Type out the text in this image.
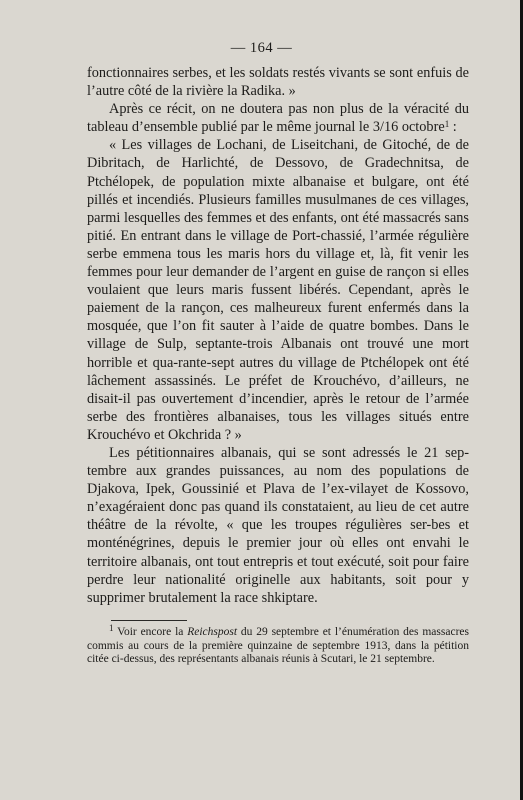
— 164 —

fonctionnaires serbes, et les soldats restés vivants se sont enfuis de l’autre côté de la rivière la Radika. »

Après ce récit, on ne doutera pas non plus de la véracité du tableau d’ensemble publié par le même journal le 3/16 octobre$^1$ :

« Les villages de Lochani, de Liseitchani, de Gitoché, de de Dibritach, de Harlichté, de Dessovo, de Gradechnitsa, de Ptchélopek, de population mixte albanaise et bulgare, ont été pillés et incendiés. Plusieurs familles musulmanes de ces villages, parmi lesquelles des femmes et des enfants, ont été massacrés sans pitié. En entrant dans le village de Port-chassié, l’armée régulière serbe emmena tous les maris hors du village et, là, fit venir les femmes pour leur demander de l’argent en guise de rançon si elles voulaient que leurs maris fussent libérés. Cependant, après le paiement de la rançon, ces malheureux furent enfermés dans la mosquée, que l’on fit sauter à l’aide de quatre bombes. Dans le village de Sulp, septante-trois Albanais ont trouvé une mort horrible et qua-rante-sept autres du village de Ptchélopek ont été lâchement assassinés. Le préfet de Krouchévo, d’ailleurs, ne disait-il pas ouvertement d’incendier, après le retour de l’armée serbe des frontières albanaises, tous les villages situés entre Krouchévo et Okchrida ? »

Les pétitionnaires albanais, qui se sont adressés le 21 sep-tembre aux grandes puissances, au nom des populations de Djakova, Ipek, Goussinié et Plava de l’ex-vilayet de Kossovo, n’exagéraient donc pas quand ils constataient, au lieu de cet autre théâtre de la révolte, « que les troupes régulières ser-bes et monténégrines, depuis le premier jour où elles ont envahi le territoire albanais, ont tout entrepris et tout exécuté, soit pour faire perdre leur nationalité originelle aux habitants, soit pour y supprimer brutalement la race shkiptare.

$^1$ Voir encore la Reichspost du 29 septembre et l’énumération des massacres commis au cours de la première quinzaine de septembre 1913, dans la pétition citée ci-dessus, des représentants albanais réunis à Scutari, le 21 septembre.
